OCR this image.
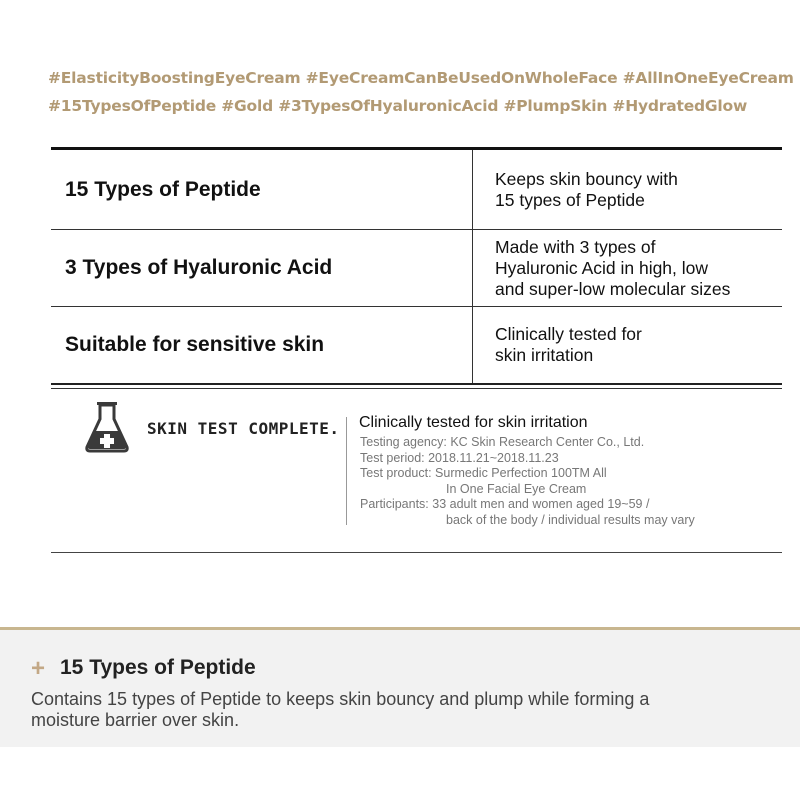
#ElasticityBoostingEyeCream #EyeCreamCanBeUsedOnWholeFace #AllInOneEyeCream
#15TypesOfPeptide #Gold #3TypesOfHyaluronicAcid #PlumpSkin #HydratedGlow
15 Types of Peptide	Keeps skin bouncy with
15 types of Peptide
3 Types of Hyaluronic Acid
Made with 3 types of
Hyaluronic Acid in high, low
and super-low molecular sizes
Suitable for sensitive skin	Clinically tested for
skin irritation
SKIN TEST COMPLETE. Clinically tested for skin irritation
Testing agency: KC Skin Research Center Co., Ltd.
Test period: 2018.11.21~2018.11.23
Test product: Surmedic Perfection 100TM All
In One Facial Eye Cream
Participants: 33 adult men and women aged 19~59 /
back of the body / individual results may vary
+ 15 Types of Peptide
Contains 15 types of Peptide to keeps skin bouncy and plump while forming a moisture barrier over skin.
